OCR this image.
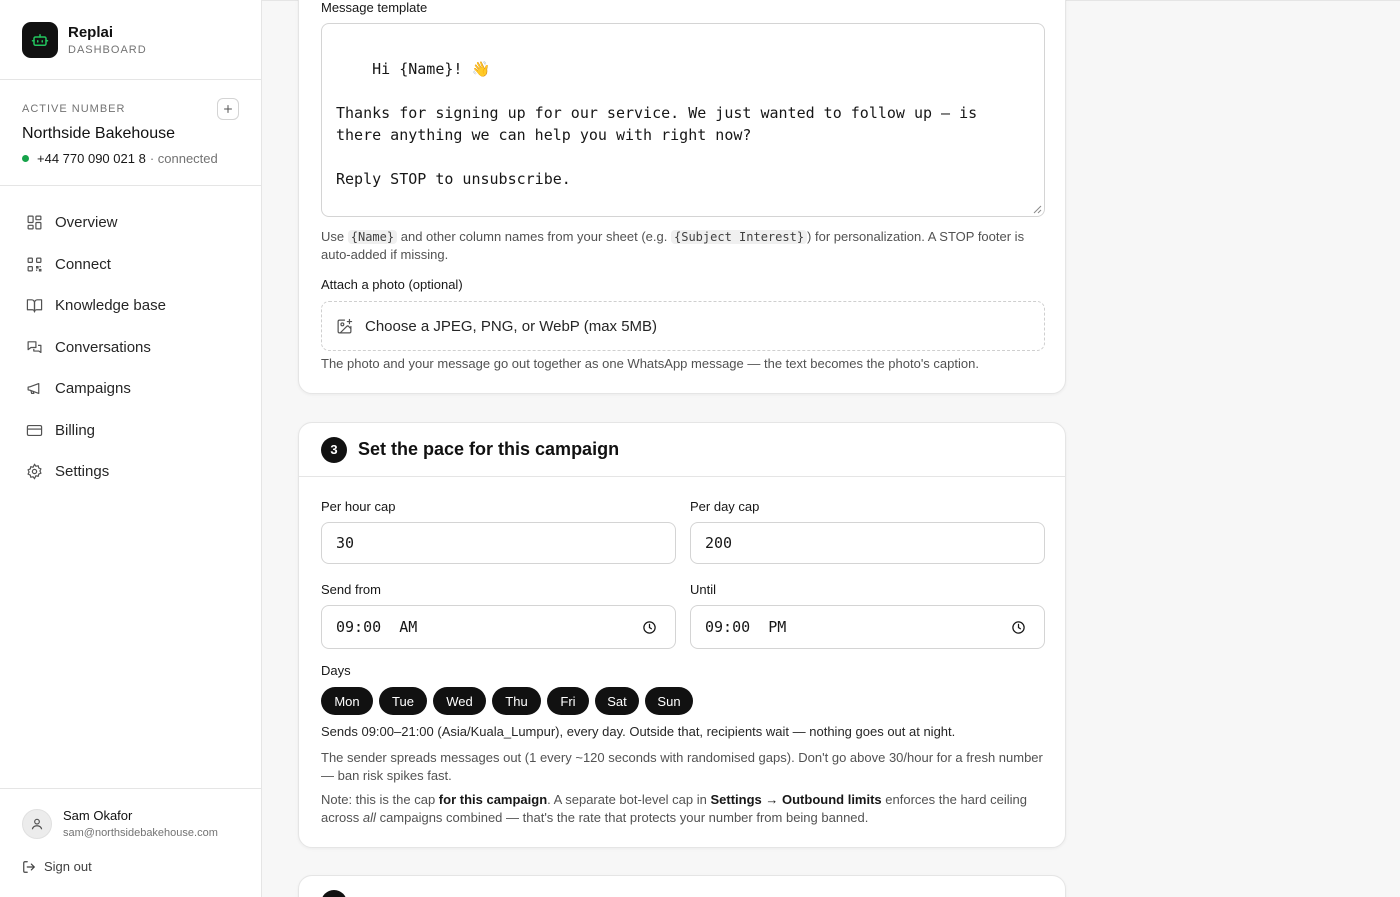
Replai
DASHBOARD
ACTIVE NUMBER
Northside Bakehouse
+44 770 090 021 8 · connected
Overview
Connect
Knowledge base
Conversations
Campaigns
Billing
Settings
Sam Okafor
sam@northsidebakehouse.com
Sign out
Message template

Hi {Name}! 👋

Thanks for signing up for our service. We just wanted to follow up — is
there anything we can help you with right now?

Reply STOP to unsubscribe.

Use {Name} and other column names from your sheet (e.g. {Subject Interest} ) for personalization. A STOP footer is auto-added if missing.
Attach a photo (optional)
Choose a JPEG, PNG, or WebP (max 5MB)
The photo and your message go out together as one WhatsApp message — the text becomes the photo's caption.
3	Set the pace for this campaign
Per hour cap
30
Per day cap
200
Send from
09:00  AM
Until
09:00  PM
Days
Mon	Tue	Wed	Thu	Fri	Sat	Sun
Sends 09:00–21:00 (Asia/Kuala_Lumpur), every day. Outside that, recipients wait — nothing goes out at night.
The sender spreads messages out (1 every ~120 seconds with randomised gaps). Don't go above 30/hour for a fresh number — ban risk spikes fast.
Note: this is the cap for this campaign. A separate bot-level cap in Settings → Outbound limits enforces the hard ceiling across all campaigns combined — that's the rate that protects your number from being banned.
